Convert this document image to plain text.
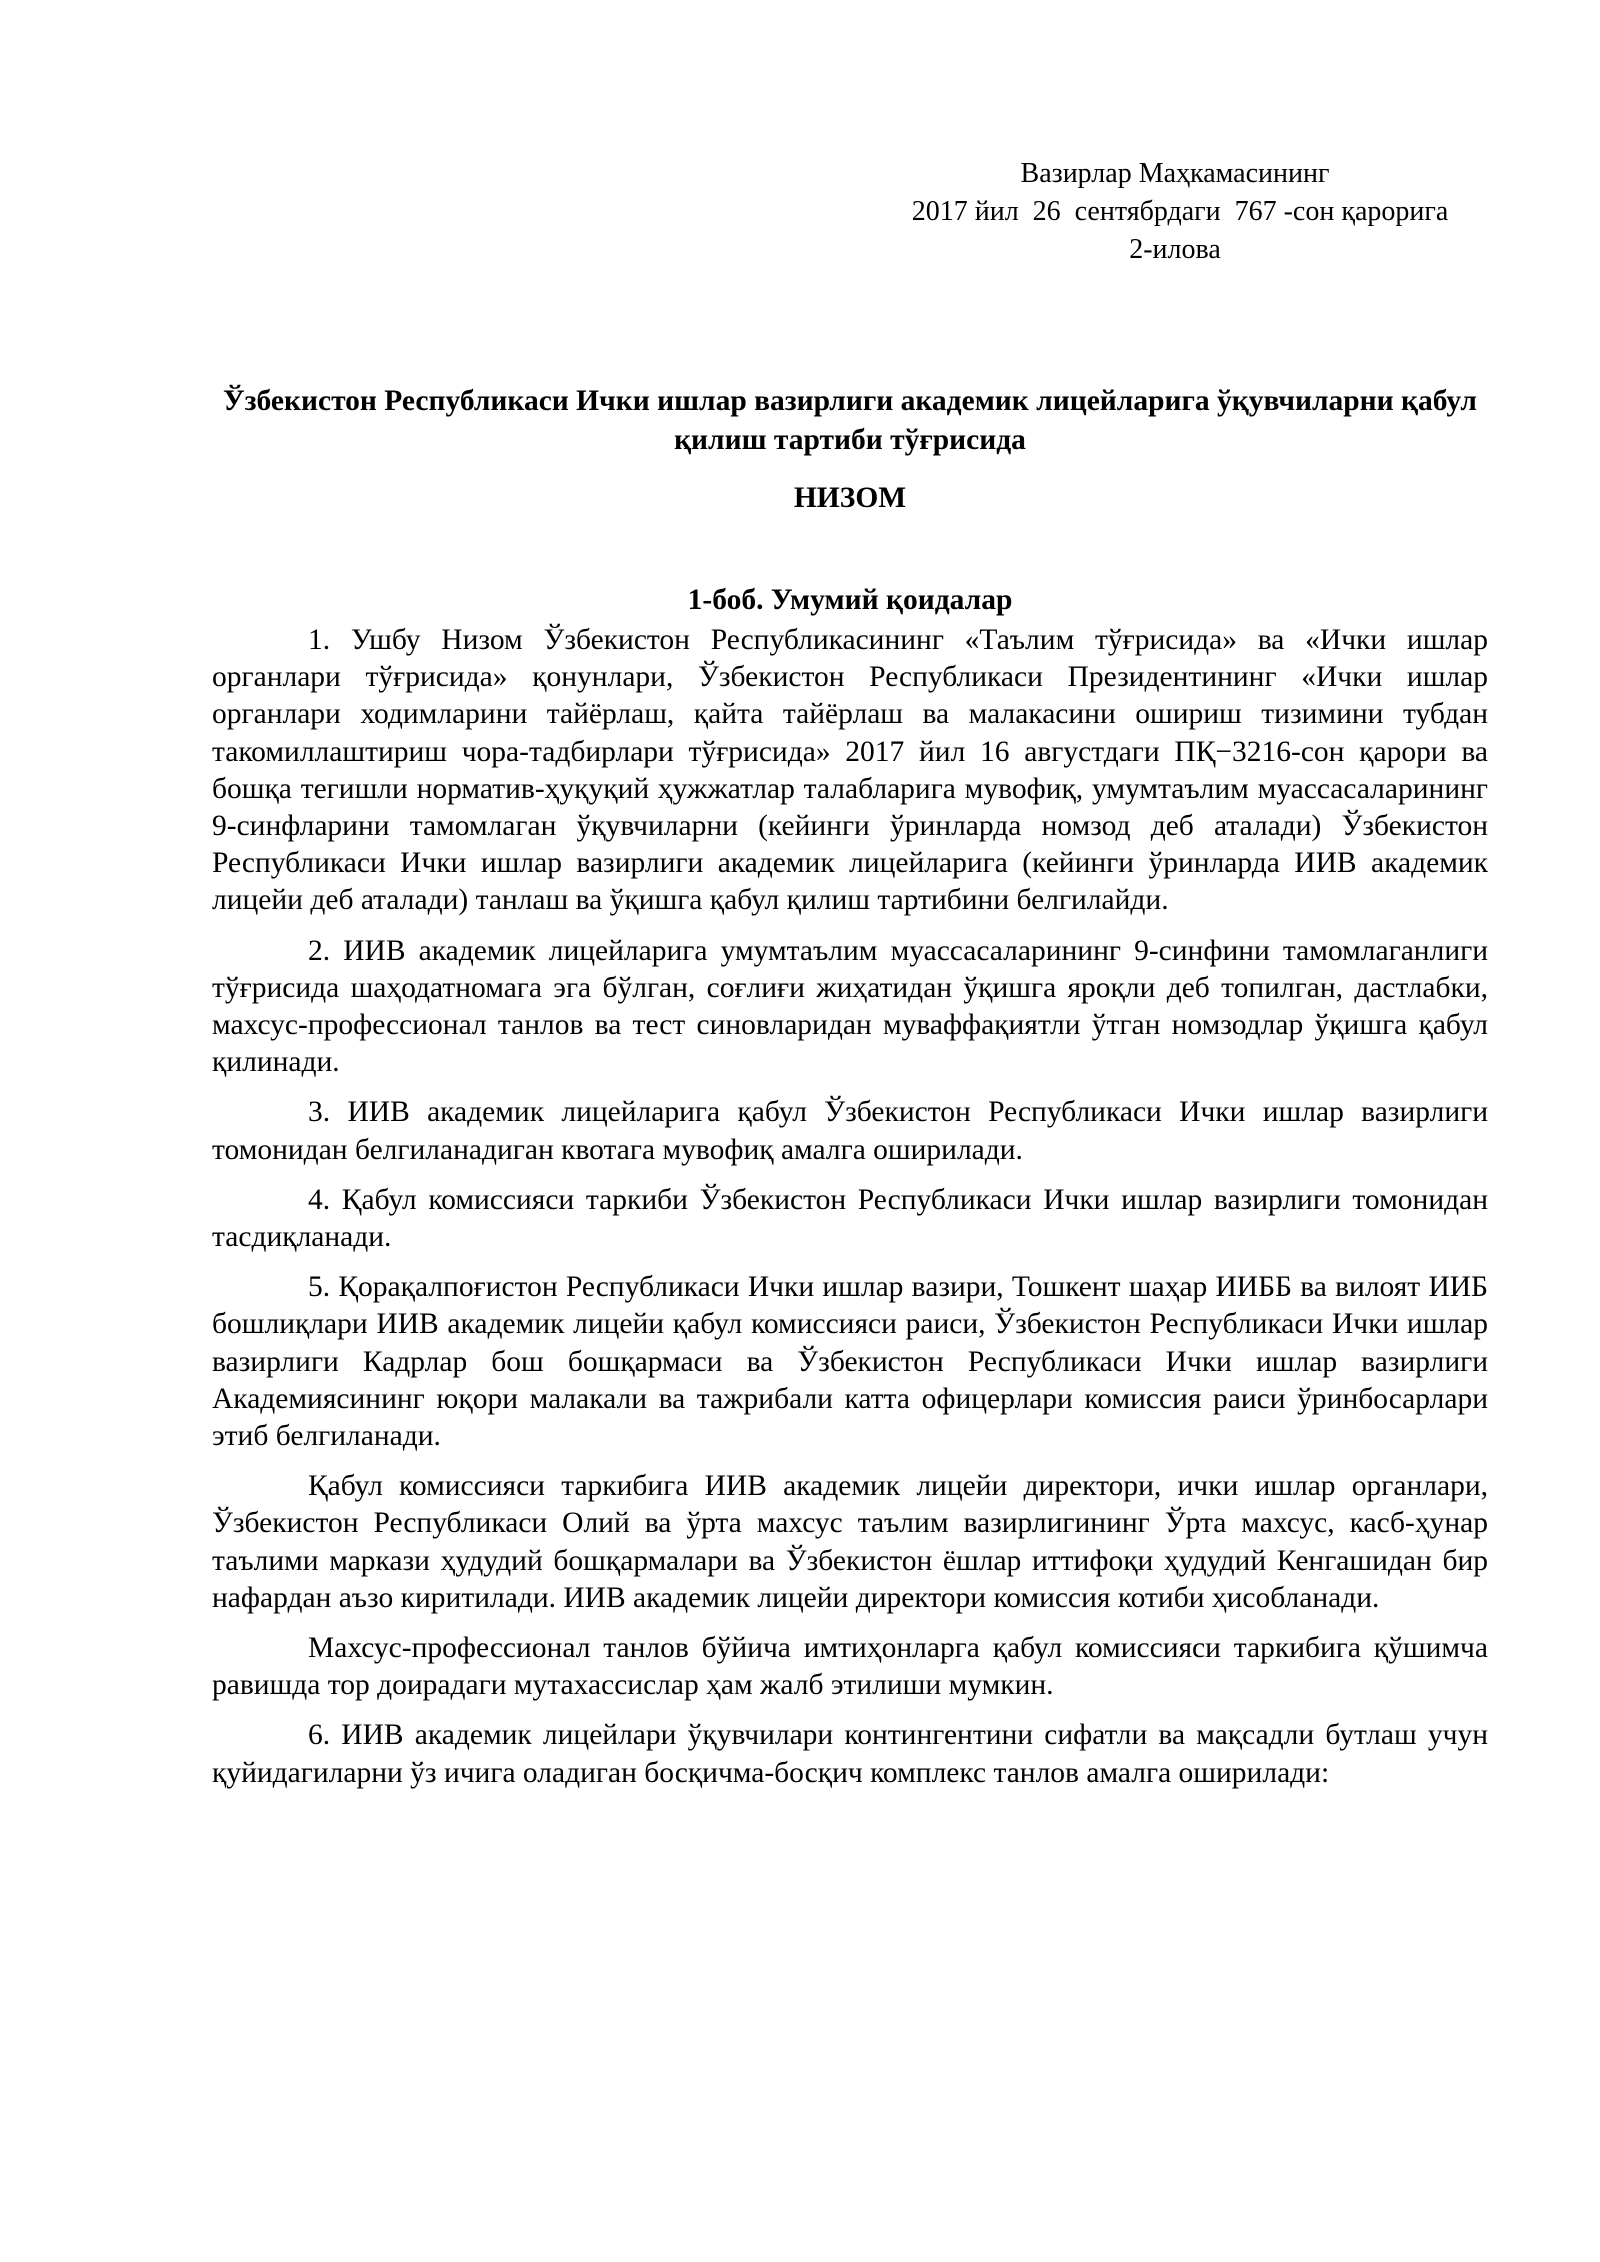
Вазирлар Маҳкамасининг
2017 йил  26  сентябрдаги  767 -сон қарорига
2-илова
Ўзбекистон Республикаси Ички ишлар вазирлиги академик лицейларига ўқувчиларни қабул қилиш тартиби тўғрисида
НИЗОМ
1-боб. Умумий қоидалар

1. Ушбу Низом Ўзбекистон Республикасининг «Таълим тўғрисида» ва «Ички ишлар органлари тўғрисида» қонунлари, Ўзбекистон Республикаси Президентининг «Ички ишлар органлари ходимларини тайёрлаш, қайта тайёрлаш ва малакасини ошириш тизимини тубдан такомиллаштириш чора-тадбирлари тўғрисида» 2017 йил 16 августдаги ПҚ−3216-сон қарори ва бошқа тегишли норматив-ҳуқуқий ҳужжатлар талабларига мувофиқ, умумтаълим муассасаларининг 9-синфларини тамомлаган ўқувчиларни (кейинги ўринларда номзод деб аталади) Ўзбекистон Республикаси Ички ишлар вазирлиги академик лицейларига (кейинги ўринларда ИИВ академик лицейи деб аталади) танлаш ва ўқишга қабул қилиш тартибини белгилайди.

2. ИИВ академик лицейларига умумтаълим муассасаларининг 9-синфини тамомлаганлиги тўғрисида шаҳодатномага эга бўлган, соғлиғи жиҳатидан ўқишга яроқли деб топилган, дастлабки, махсус-профессионал танлов ва тест синовларидан муваффақиятли ўтган номзодлар ўқишга қабул қилинади.

3. ИИВ академик лицейларига қабул Ўзбекистон Республикаси Ички ишлар вазирлиги томонидан белгиланадиган квотага мувофиқ амалга оширилади.

4. Қабул комиссияси таркиби Ўзбекистон Республикаси Ички ишлар вазирлиги томонидан тасдиқланади.

5. Қорақалпоғистон Республикаси Ички ишлар вазири, Тошкент шаҳар ИИББ ва вилоят ИИБ бошлиқлари ИИВ академик лицейи қабул комиссияси раиси, Ўзбекистон Республикаси Ички ишлар вазирлиги Кадрлар бош бошқармаси ва Ўзбекистон Республикаси Ички ишлар вазирлиги Академиясининг юқори малакали ва тажрибали катта офицерлари комиссия раиси ўринбосарлари этиб белгиланади.

Қабул комиссияси таркибига ИИВ академик лицейи директори, ички ишлар органлари, Ўзбекистон Республикаси Олий ва ўрта махсус таълим вазирлигининг Ўрта махсус, касб-ҳунар таълими маркази ҳудудий бошқармалари ва Ўзбекистон ёшлар иттифоқи ҳудудий Кенгашидан бир нафардан аъзо киритилади. ИИВ академик лицейи директори комиссия котиби ҳисобланади.

Махсус-профессионал танлов бўйича имтиҳонларга қабул комиссияси таркибига қўшимча равишда тор доирадаги мутахассислар ҳам жалб этилиши мумкин.

6. ИИВ академик лицейлари ўқувчилари контингентини сифатли ва мақсадли бутлаш учун қуйидагиларни ўз ичига оладиган босқичма-босқич комплекс танлов амалга оширилади:
